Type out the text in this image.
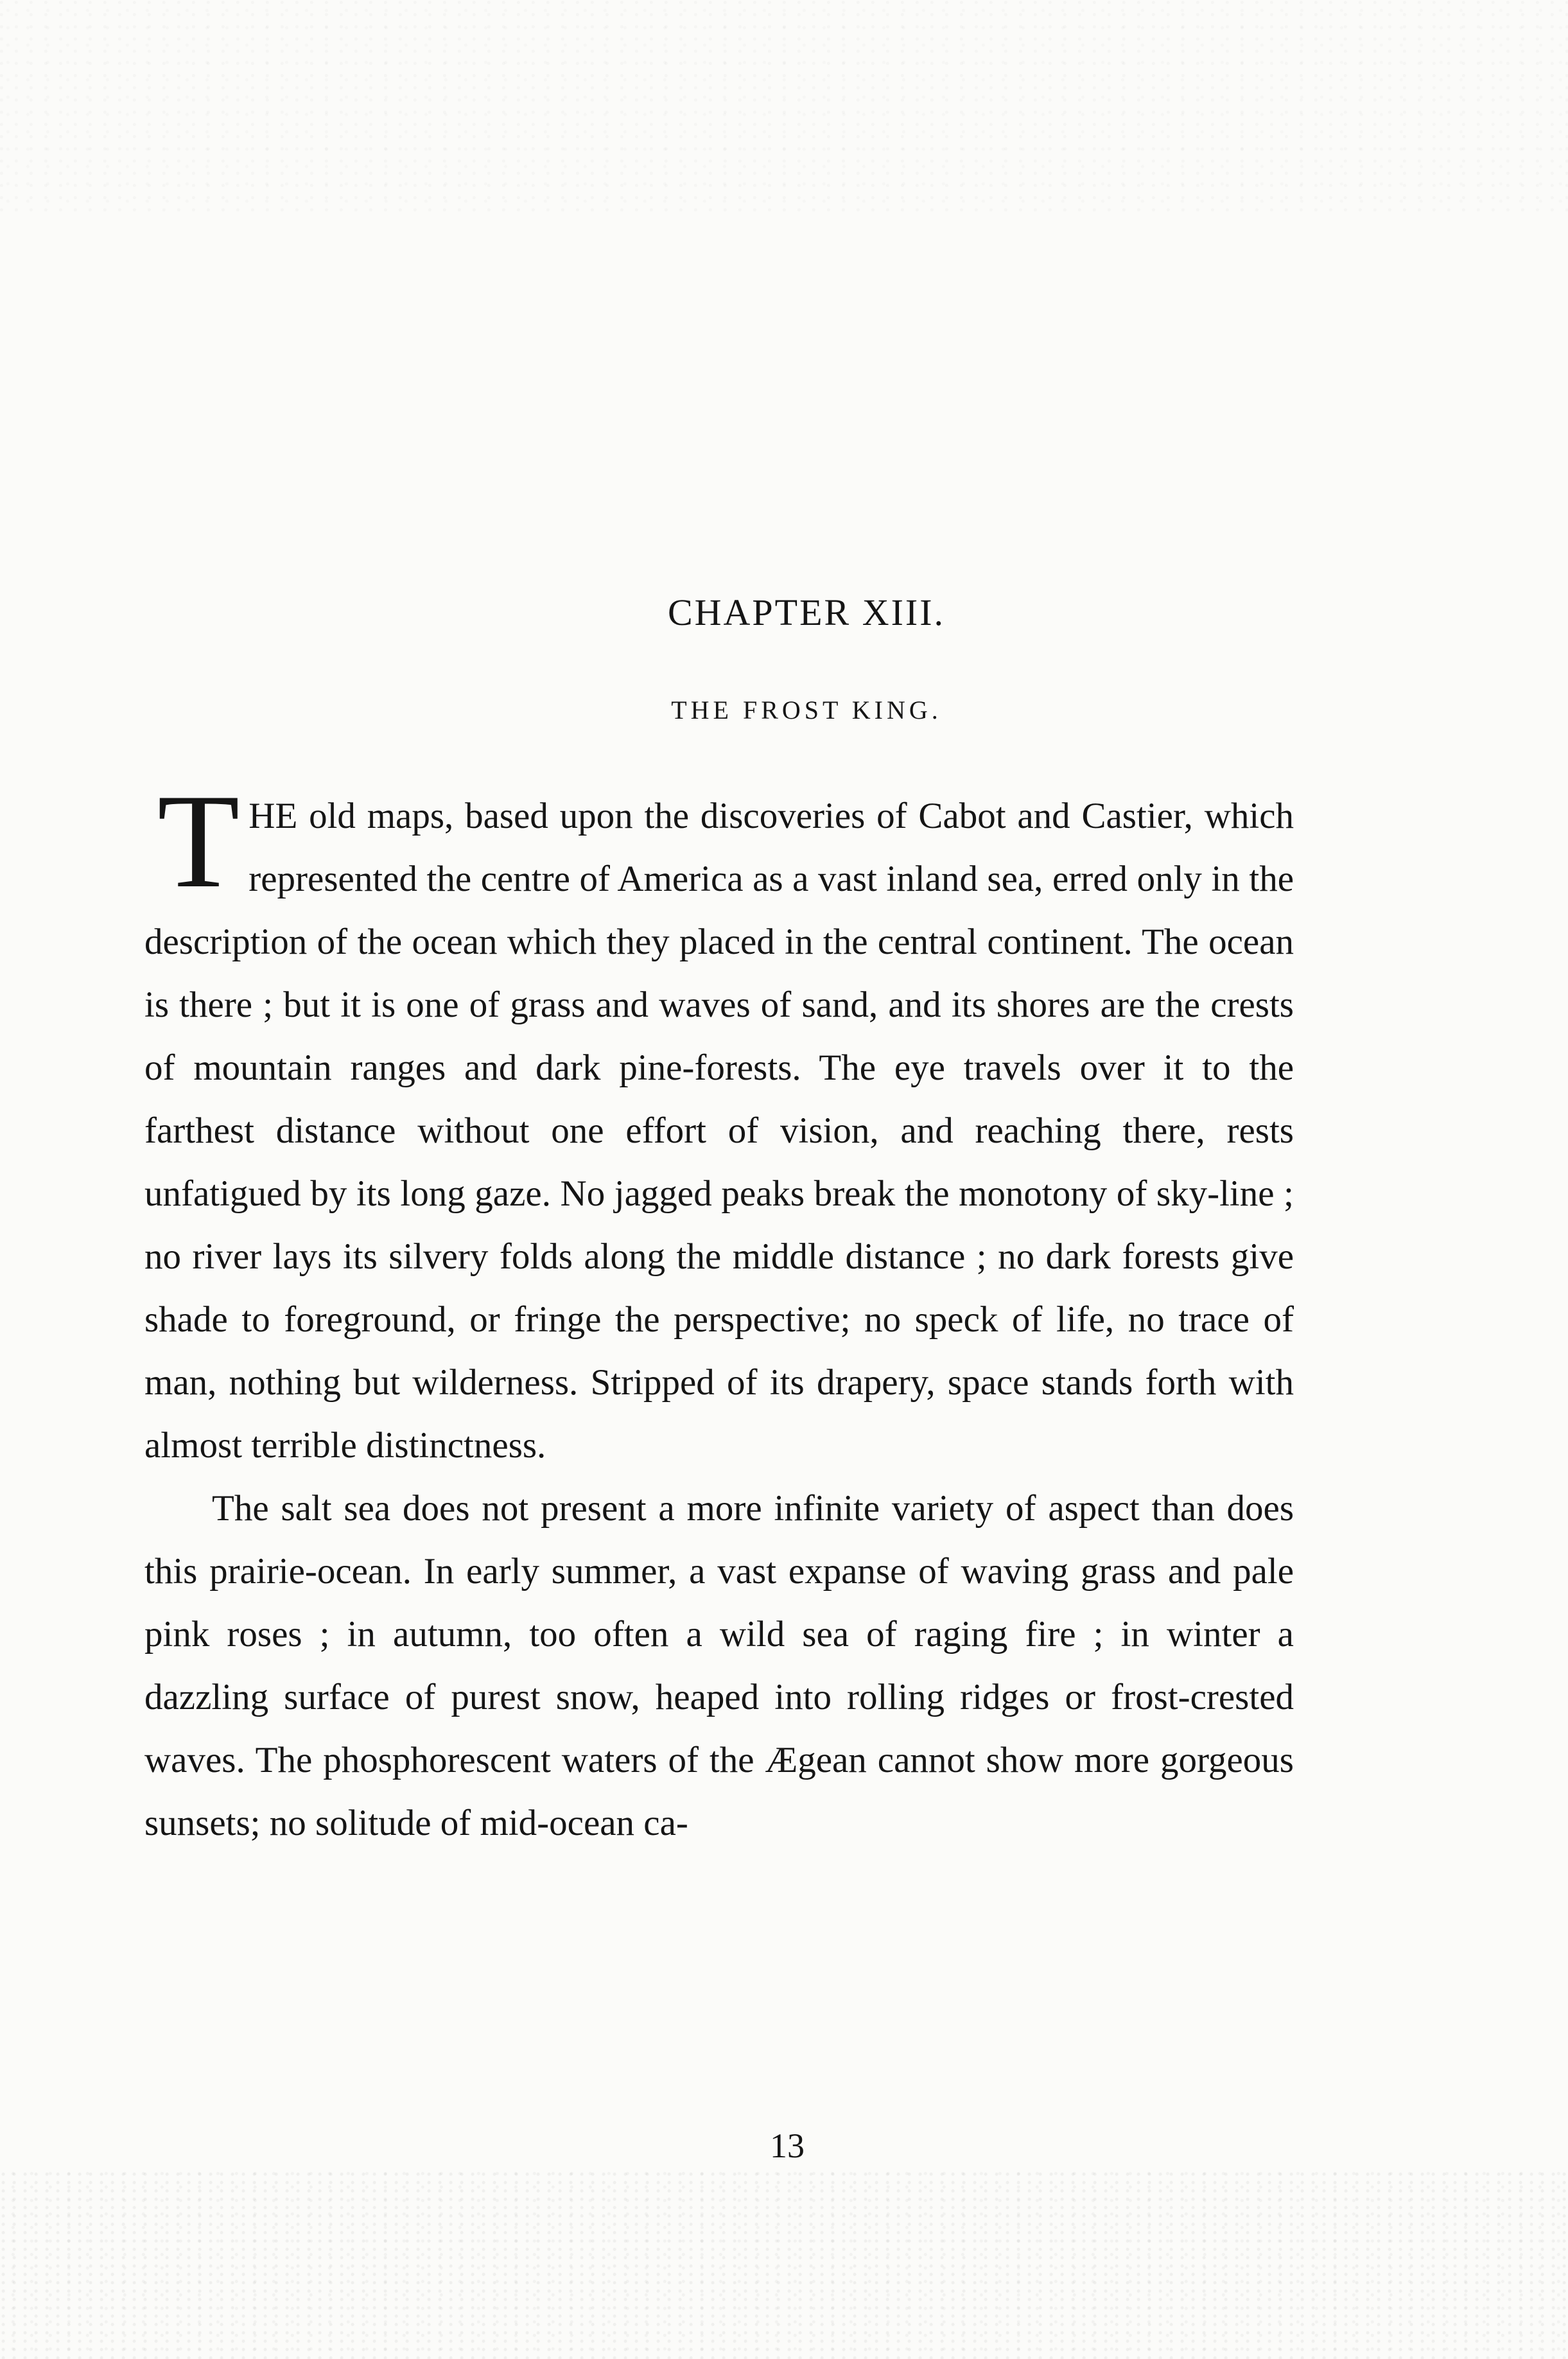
CHAPTER XIII.
THE FROST KING.

THE old maps, based upon the discoveries of Cabot and Castier, which represented the centre of America as a vast inland sea, erred only in the description of the ocean which they placed in the central continent. The ocean is there ; but it is one of grass and waves of sand, and its shores are the crests of mountain ranges and dark pine-forests. The eye travels over it to the farthest distance without one effort of vision, and reaching there, rests unfatigued by its long gaze. No jagged peaks break the monotony of sky-line ; no river lays its silvery folds along the middle distance ; no dark forests give shade to foreground, or fringe the perspective; no speck of life, no trace of man, nothing but wilderness. Stripped of its drapery, space stands forth with almost terrible distinctness.

The salt sea does not present a more infinite variety of aspect than does this prairie-ocean. In early summer, a vast expanse of waving grass and pale pink roses ; in autumn, too often a wild sea of raging fire ; in winter a dazzling surface of purest snow, heaped into rolling ridges or frost-crested waves. The phosphorescent waters of the Ægean cannot show more gorgeous sunsets; no solitude of mid-ocean ca-

13
